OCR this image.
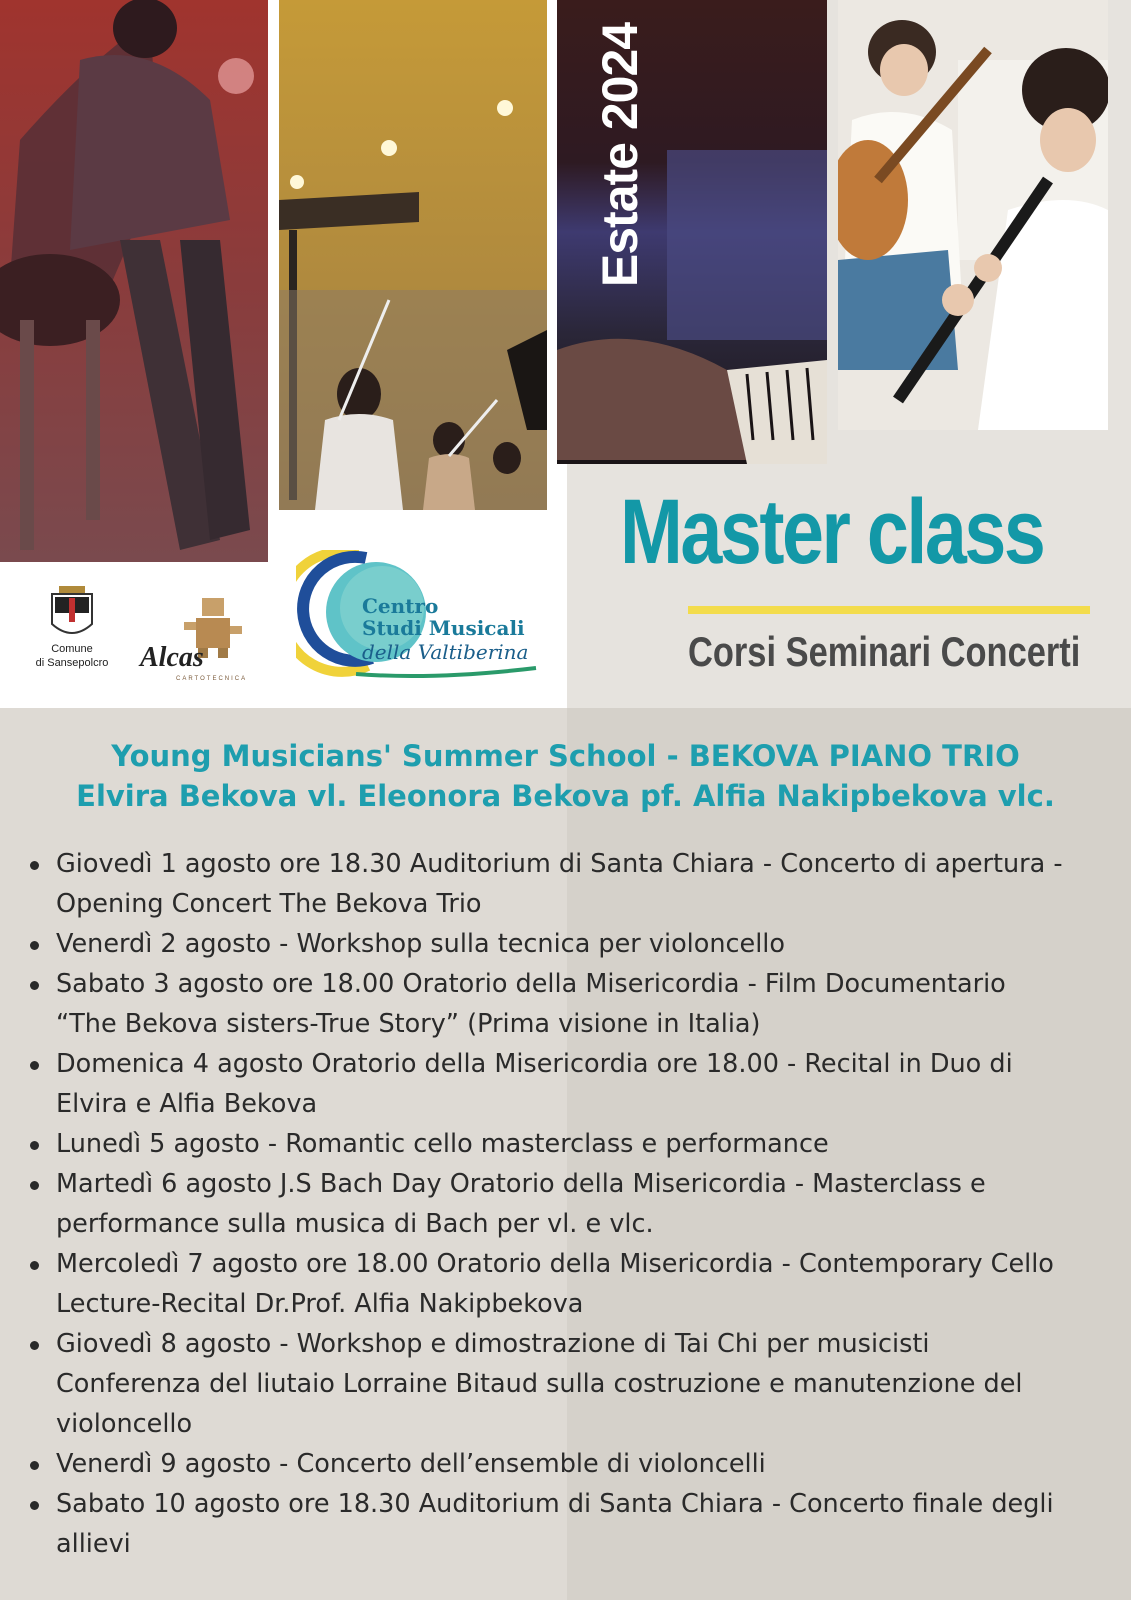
Estate 2024
Comune
di Sansepolcro	Alcas
CARTOTECNICA
Centro
Studi Musicali
della Valtiberina
Master class
Corsi Seminari Concerti
Young Musicians' Summer School - BEKOVA PIANO TRIO
Elvira Bekova vl. Eleonora Bekova pf. Alfia Nakipbekova vlc.
Giovedì 1 agosto ore 18.30 Auditorium di Santa Chiara - Concerto di apertura -
Opening Concert The Bekova Trio
Venerdì 2 agosto - Workshop sulla tecnica per violoncello
Sabato 3 agosto ore 18.00 Oratorio della Misericordia - Film Documentario
“The Bekova sisters-True Story” (Prima visione in Italia)
Domenica 4 agosto Oratorio della Misericordia ore 18.00 - Recital in Duo di
Elvira e Alfia Bekova
Lunedì 5 agosto - Romantic cello masterclass e performance
Martedì 6 agosto J.S Bach Day Oratorio della Misericordia - Masterclass e
performance sulla musica di Bach per vl. e vlc.
Mercoledì 7 agosto ore 18.00 Oratorio della Misericordia - Contemporary Cello
Lecture-Recital Dr.Prof. Alfia Nakipbekova
Giovedì 8 agosto - Workshop e dimostrazione di Tai Chi per musicisti
Conferenza del liutaio Lorraine Bitaud sulla costruzione e manutenzione del
violoncello
Venerdì 9 agosto - Concerto dell’ensemble di violoncelli
Sabato 10 agosto ore 18.30 Auditorium di Santa Chiara - Concerto finale degli
allievi
